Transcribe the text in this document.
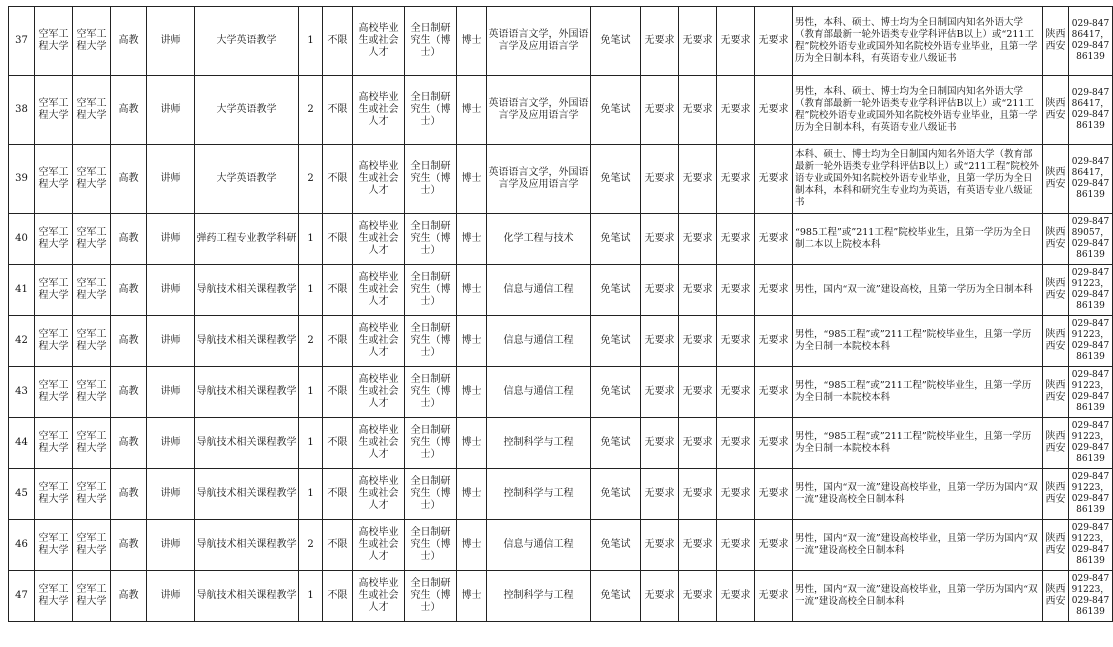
37	空军工程大学	空军工程大学	高教	讲师	大学英语教学	1	不限	高校毕业生或社会人才	全日制研究生（博士）	博士	英语语言文学，外国语言学及应用语言学	免笔试	无要求	无要求	无要求	无要求	男性，本科、硕士、博士均为全日制国内知名外语大学（教育部最新一轮外语类专业学科评估B以上）或“211工程”院校外语专业或国外知名院校外语专业毕业，且第一学历为全日制本科，有英语专业八级证书	陕西西安	029-84786417，029-84786139
38	空军工程大学	空军工程大学	高教	讲师	大学英语教学	2	不限	高校毕业生或社会人才	全日制研究生（博士）	博士	英语语言文学，外国语言学及应用语言学	免笔试	无要求	无要求	无要求	无要求	男性，本科、硕士、博士均为全日制国内知名外语大学（教育部最新一轮外语类专业学科评估B以上）或“211工程”院校外语专业或国外知名院校外语专业毕业，且第一学历为全日制本科，有英语专业八级证书	陕西西安	029-84786417，029-84786139
39	空军工程大学	空军工程大学	高教	讲师	大学英语教学	2	不限	高校毕业生或社会人才	全日制研究生（博士）	博士	英语语言文学，外国语言学及应用语言学	免笔试	无要求	无要求	无要求	无要求	本科、硕士、博士均为全日制国内知名外语大学（教育部最新一轮外语类专业学科评估B以上）或“211工程”院校外语专业或国外知名院校外语专业毕业，且第一学历为全日制本科，本科和研究生专业均为英语，有英语专业八级证书	陕西西安	029-84786417，029-84786139
40	空军工程大学	空军工程大学	高教	讲师	弹药工程专业教学科研	1	不限	高校毕业生或社会人才	全日制研究生（博士）	博士	化学工程与技术	免笔试	无要求	无要求	无要求	无要求	“985工程”或”211工程”院校毕业生，且第一学历为全日制二本以上院校本科	陕西西安	029-84789057，029-84786139
41	空军工程大学	空军工程大学	高教	讲师	导航技术相关课程教学	1	不限	高校毕业生或社会人才	全日制研究生（博士）	博士	信息与通信工程	免笔试	无要求	无要求	无要求	无要求	男性，国内“双一流”建设高校，且第一学历为全日制本科	陕西西安	029-84791223，029-84786139
42	空军工程大学	空军工程大学	高教	讲师	导航技术相关课程教学	2	不限	高校毕业生或社会人才	全日制研究生（博士）	博士	信息与通信工程	免笔试	无要求	无要求	无要求	无要求	男性，“985工程”或”211工程”院校毕业生，且第一学历为全日制一本院校本科	陕西西安	029-84791223，029-84786139
43	空军工程大学	空军工程大学	高教	讲师	导航技术相关课程教学	1	不限	高校毕业生或社会人才	全日制研究生（博士）	博士	信息与通信工程	免笔试	无要求	无要求	无要求	无要求	男性，“985工程”或”211工程”院校毕业生，且第一学历为全日制一本院校本科	陕西西安	029-84791223，029-84786139
44	空军工程大学	空军工程大学	高教	讲师	导航技术相关课程教学	1	不限	高校毕业生或社会人才	全日制研究生（博士）	博士	控制科学与工程	免笔试	无要求	无要求	无要求	无要求	男性，“985工程”或”211工程”院校毕业生，且第一学历为全日制一本院校本科	陕西西安	029-84791223，029-84786139
45	空军工程大学	空军工程大学	高教	讲师	导航技术相关课程教学	1	不限	高校毕业生或社会人才	全日制研究生（博士）	博士	控制科学与工程	免笔试	无要求	无要求	无要求	无要求	男性，国内“双一流”建设高校毕业，且第一学历为国内“双一流”建设高校全日制本科	陕西西安	029-84791223，029-84786139
46	空军工程大学	空军工程大学	高教	讲师	导航技术相关课程教学	2	不限	高校毕业生或社会人才	全日制研究生（博士）	博士	信息与通信工程	免笔试	无要求	无要求	无要求	无要求	男性，国内“双一流”建设高校毕业，且第一学历为国内“双一流”建设高校全日制本科	陕西西安	029-84791223，029-84786139
47	空军工程大学	空军工程大学	高教	讲师	导航技术相关课程教学	1	不限	高校毕业生或社会人才	全日制研究生（博士）	博士	控制科学与工程	免笔试	无要求	无要求	无要求	无要求	男性，国内“双一流”建设高校毕业，且第一学历为国内“双一流”建设高校全日制本科	陕西西安	029-84791223，029-84786139
